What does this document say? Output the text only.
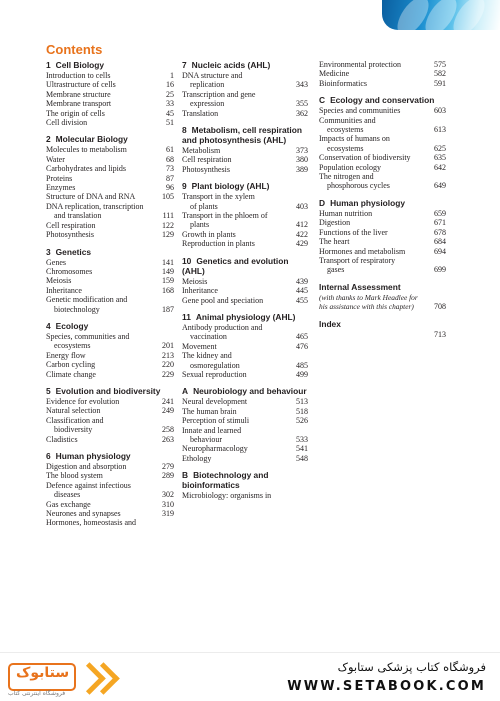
Contents
1 Cell Biology
Introduction to cells	1
Ultrastructure of cells	16
Membrane structure	25
Membrane transport	33
The origin of cells	45
Cell division	51
2 Molecular Biology
Molecules to metabolism	61
Water	68
Carbohydrates and lipids	73
Proteins	87
Enzymes	96
Structure of DNA and RNA	105
DNA replication, transcription
and translation	111
Cell respiration	122
Photosynthesis	129
3 Genetics
Genes	141
Chromosomes	149
Meiosis	159
Inheritance	168
Genetic modification and
biotechnology	187
4 Ecology
Species, communities and
ecosystems	201
Energy flow	213
Carbon cycling	220
Climate change	229
5 Evolution and biodiversity
Evidence for evolution	241
Natural selection	249
Classification and
biodiversity	258
Cladistics	263
6 Human physiology
Digestion and absorption	279
The blood system	289
Defence against infectious
diseases	302
Gas exchange	310
Neurones and synapses	319
Hormones, homeostasis and
7 Nucleic acids (AHL)
DNA structure and
replication	343
Transcription and gene
expression	355
Translation	362
8 Metabolism, cell respiration and photosynthesis (AHL)
Metabolism	373
Cell respiration	380
Photosynthesis	389
9 Plant biology (AHL)
Transport in the xylem
of plants	403
Transport in the phloem of
plants	412
Growth in plants	422
Reproduction in plants	429
10 Genetics and evolution (AHL)
Meiosis	439
Inheritance	445
Gene pool and speciation	455
11 Animal physiology (AHL)
Antibody production and
vaccination	465
Movement	476
The kidney and
osmoregulation	485
Sexual reproduction	499
A Neurobiology and behaviour
Neural development	513
The human brain	518
Perception of stimuli	526
Innate and learned
behaviour	533
Neuropharmacology	541
Ethology	548
B Biotechnology and bioinformatics
Microbiology: organisms in
Environmental protection	575
Medicine	582
Bioinformatics	591
C Ecology and conservation
Species and communities	603
Communities and
ecosystems	613
Impacts of humans on
ecosystems	625
Conservation of biodiversity	635
Population ecology	642
The nitrogen and
phosphorous cycles	649
D Human physiology
Human nutrition	659
Digestion	671
Functions of the liver	678
The heart	684
Hormones and metabolism	694
Transport of respiratory
gases	699
Internal Assessment
(with thanks to Mark Headlee for
his assistance with this chapter)	708
Index
713
ستابوک
فروشگاه اینترنتی کتاب
فروشگاه کتاب پزشکی ستابوک
WWW.SETABOOK.COM
